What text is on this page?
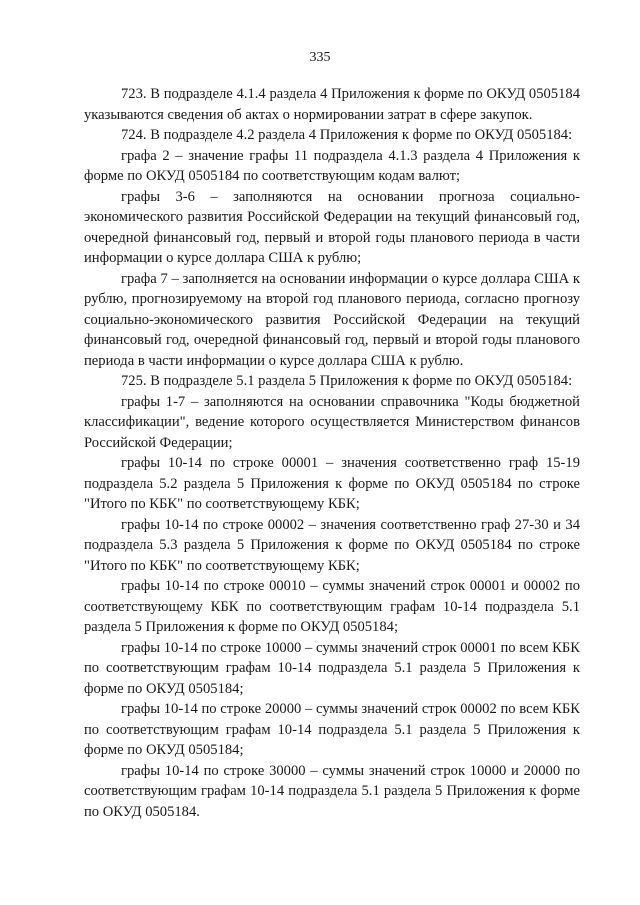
335

723. В подразделе 4.1.4 раздела 4 Приложения к форме по ОКУД 0505184 указываются сведения об актах о нормировании затрат в сфере закупок.

724. В подразделе 4.2 раздела 4 Приложения к форме по ОКУД 0505184:

графа 2 – значение графы 11 подраздела 4.1.3 раздела 4 Приложения к форме по ОКУД 0505184 по соответствующим кодам валют;

графы 3-6 – заполняются на основании прогноза социально-экономического развития Российской Федерации на текущий финансовый год, очередной финансовый год, первый и второй годы планового периода в части информации о курсе доллара США к рублю;

графа 7 – заполняется на основании информации о курсе доллара США к рублю, прогнозируемому на второй год планового периода, согласно прогнозу социально-экономического развития Российской Федерации на текущий финансовый год, очередной финансовый год, первый и второй годы планового периода в части информации о курсе доллара США к рублю.

725. В подразделе 5.1 раздела 5 Приложения к форме по ОКУД 0505184:

графы 1-7 – заполняются на основании справочника "Коды бюджетной классификации", ведение которого осуществляется Министерством финансов Российской Федерации;

графы 10-14 по строке 00001 – значения соответственно граф 15-19 подраздела 5.2 раздела 5 Приложения к форме по ОКУД 0505184 по строке "Итого по КБК" по соответствующему КБК;

графы 10-14 по строке 00002 – значения соответственно граф 27-30 и 34 подраздела 5.3 раздела 5 Приложения к форме по ОКУД 0505184 по строке "Итого по КБК" по соответствующему КБК;

графы 10-14 по строке 00010 – суммы значений строк 00001 и 00002 по соответствующему КБК по соответствующим графам 10-14 подраздела 5.1 раздела 5 Приложения к форме по ОКУД 0505184;

графы 10-14 по строке 10000 – суммы значений строк 00001 по всем КБК по соответствующим графам 10-14 подраздела 5.1 раздела 5 Приложения к форме по ОКУД 0505184;

графы 10-14 по строке 20000 – суммы значений строк 00002 по всем КБК по соответствующим графам 10-14 подраздела 5.1 раздела 5 Приложения к форме по ОКУД 0505184;

графы 10-14 по строке 30000 – суммы значений строк 10000 и 20000 по соответствующим графам 10-14 подраздела 5.1 раздела 5 Приложения к форме по ОКУД 0505184.
